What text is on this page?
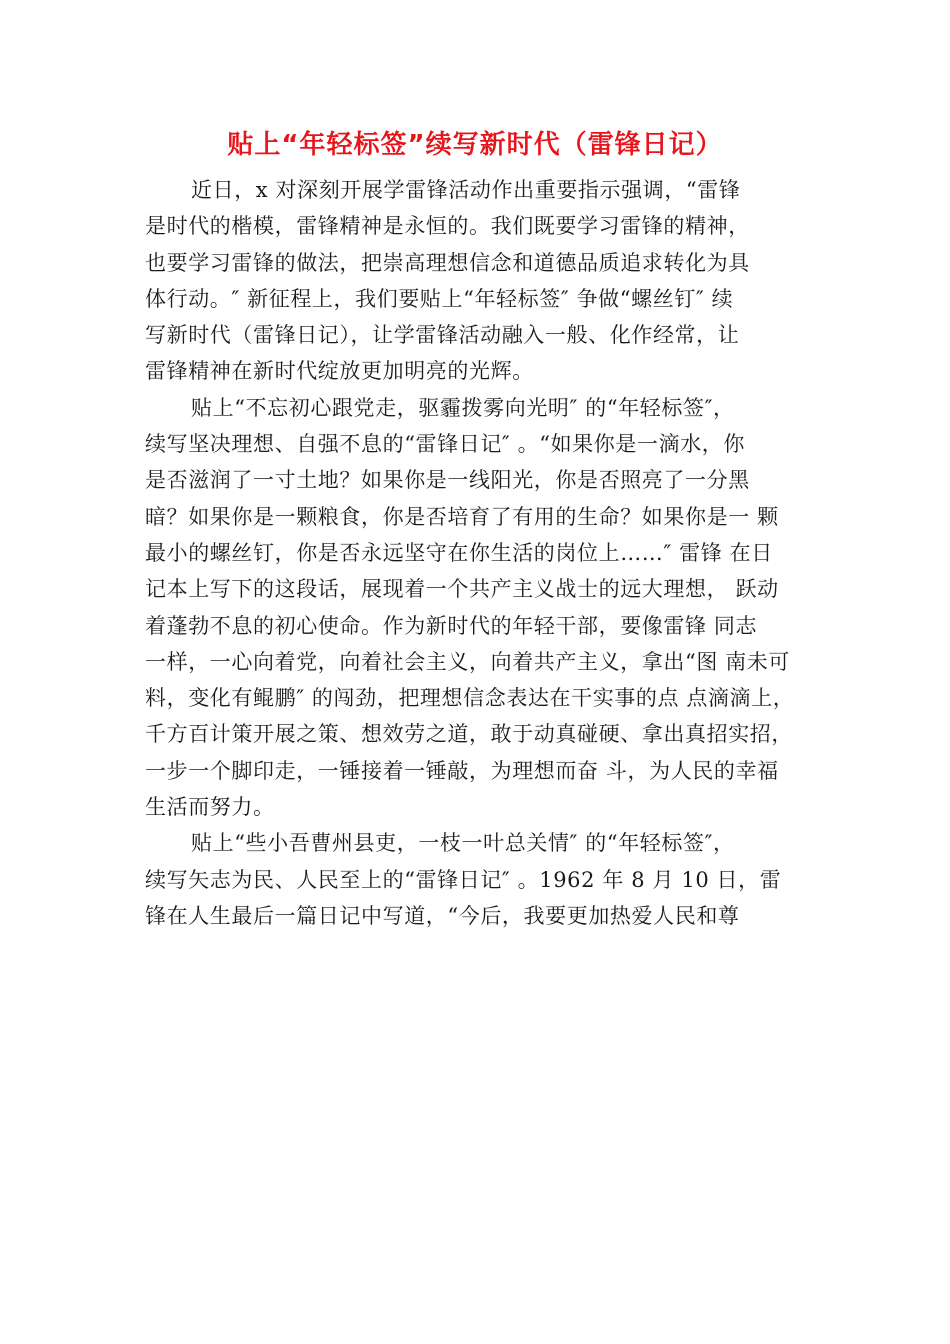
贴上“年轻标签”续写新时代（雷锋日记）
近日，x 对深刻开展学雷锋活动作出重要指示强调，“雷锋
是时代的楷模，雷锋精神是永恒的。我们既要学习雷锋的精神，
也要学习雷锋的做法，把崇高理想信念和道德品质追求转化为具
体行动。″ 新征程上，我们要贴上“年轻标签″ 争做“螺丝钉″ 续
写新时代（雷锋日记），让学雷锋活动融入一般、化作经常，让
雷锋精神在新时代绽放更加明亮的光辉。
贴上“不忘初心跟党走，驱霾拨雾向光明″ 的“年轻标签″，
续写坚决理想、自强不息的“雷锋日记″ 。“如果你是一滴水，你
是否滋润了一寸土地？如果你是一线阳光，你是否照亮了一分黑
暗？如果你是一颗粮食，你是否培育了有用的生命？如果你是一 颗
最小的螺丝钉，你是否永远坚守在你生活的岗位上……″ 雷锋 在日
记本上写下的这段话，展现着一个共产主义战士的远大理想， 跃动
着蓬勃不息的初心使命。作为新时代的年轻干部，要像雷锋 同志
一样，一心向着党，向着社会主义，向着共产主义，拿出“图 南未可
料，变化有鲲鹏″ 的闯劲，把理想信念表达在干实事的点 点滴滴上，
千方百计策开展之策、想效劳之道，敢于动真碰硬、拿出真招实招，
一步一个脚印走，一锤接着一锤敲，为理想而奋 斗，为人民的幸福
生活而努力。
贴上“些小吾曹州县吏，一枝一叶总关情″ 的“年轻标签″，
续写矢志为民、人民至上的“雷锋日记″ 。1962 年 8 月 10 日，雷
锋在人生最后一篇日记中写道，“今后，我要更加热爱人民和尊
